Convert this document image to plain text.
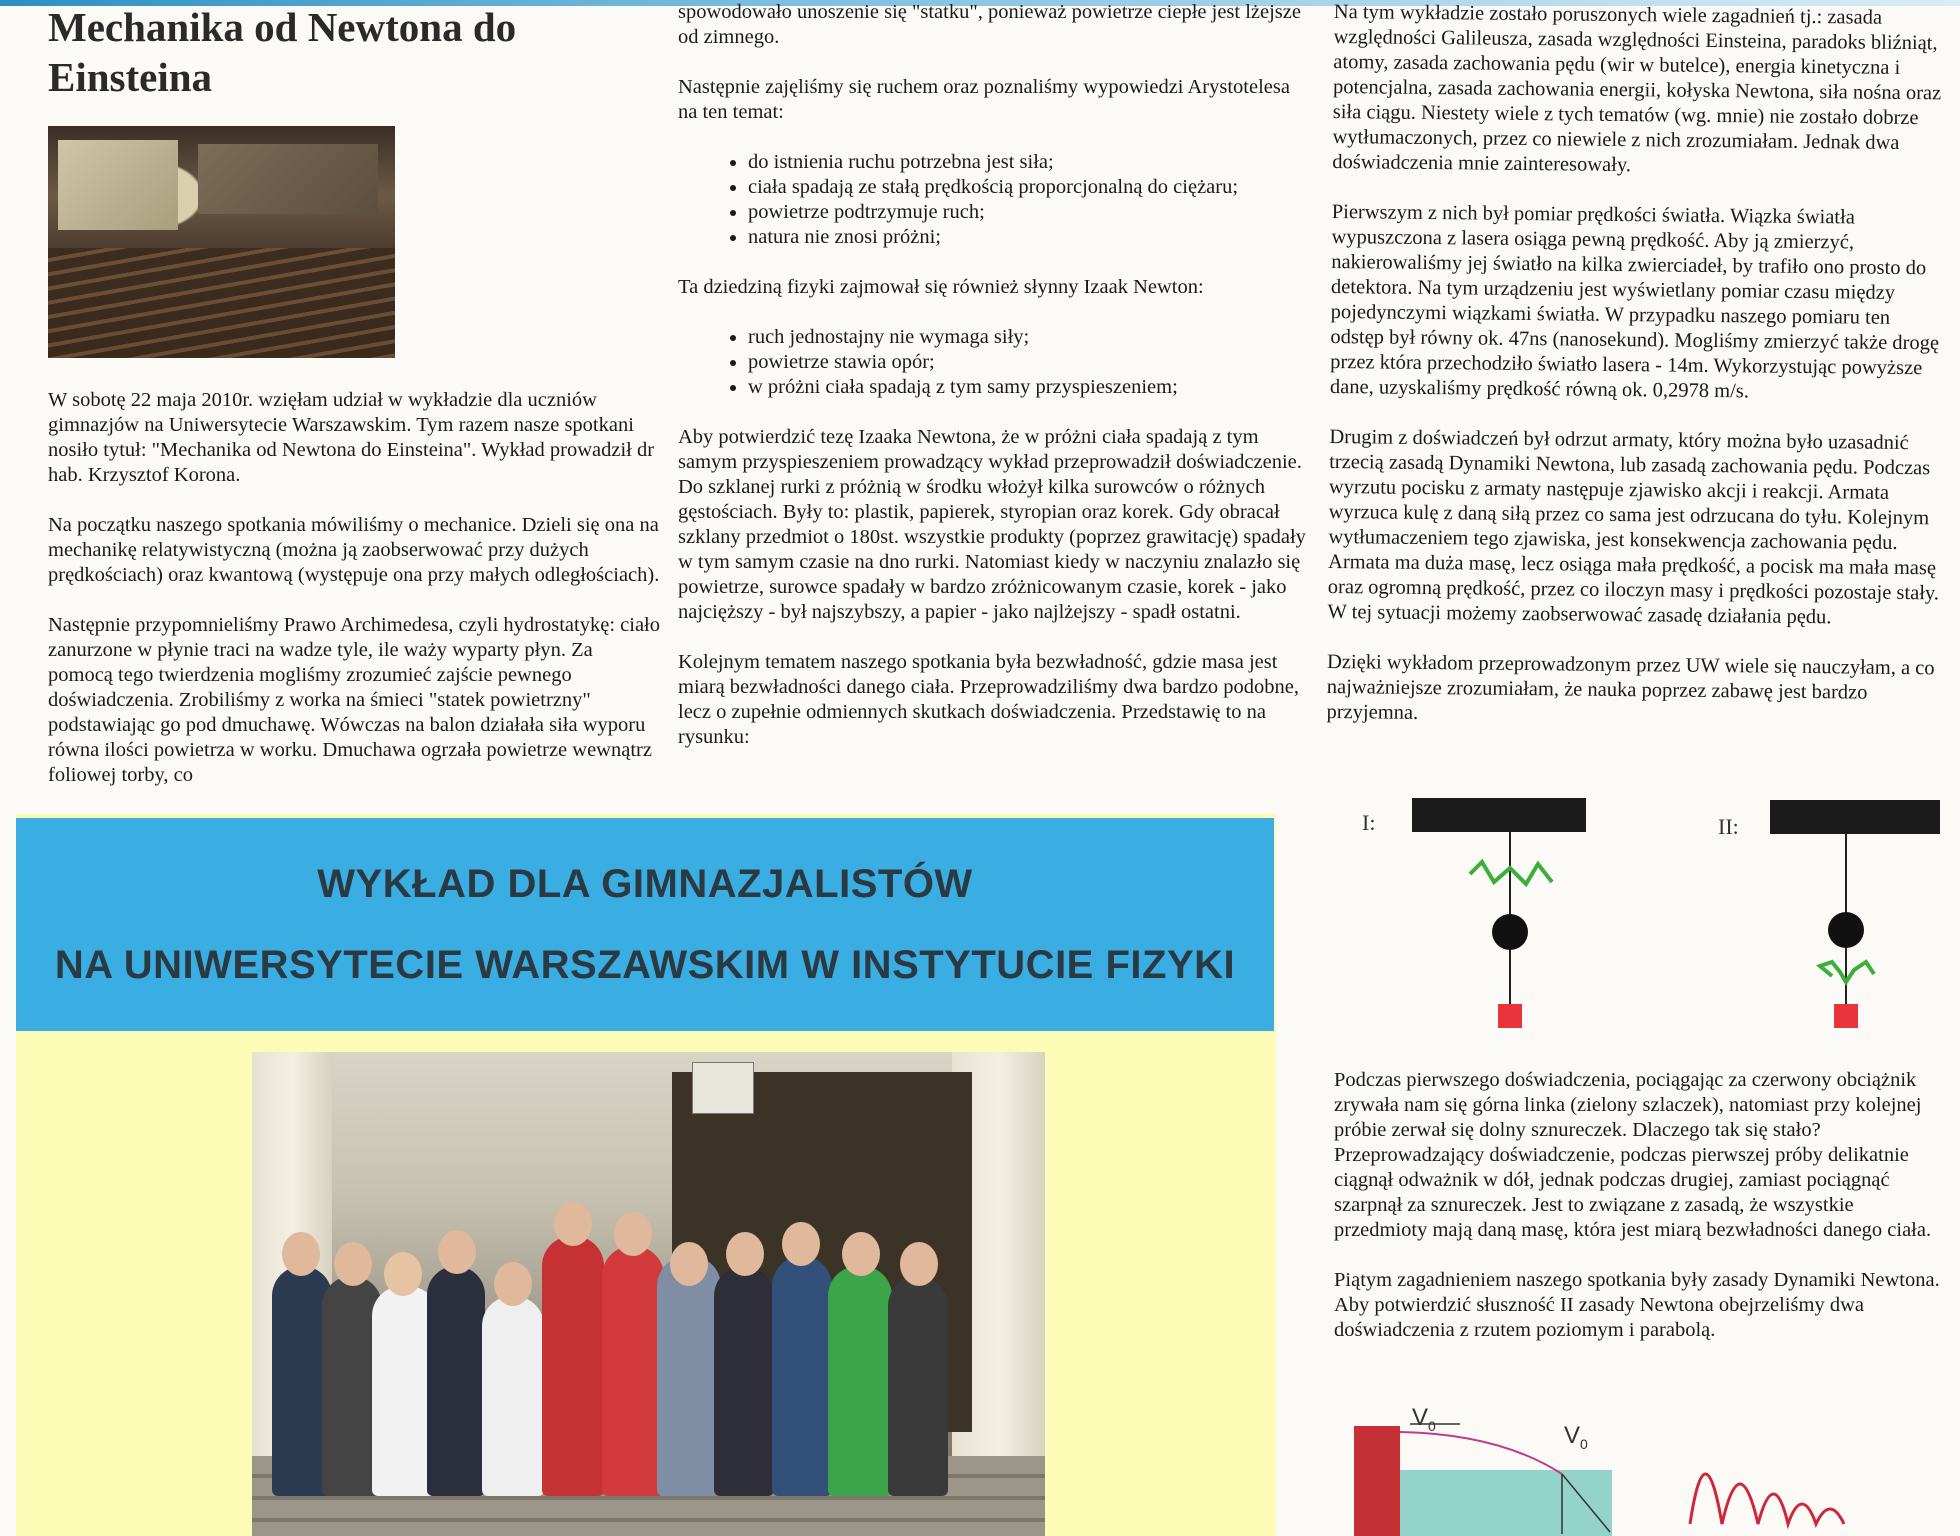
Mechanika od Newtona do Einsteina

W sobotę 22 maja 2010r. wzięłam udział w wykładzie dla uczniów gimnazjów na Uniwersytecie Warszawskim. Tym razem nasze spotkani nosiło tytuł: "Mechanika od Newtona do Einsteina". Wykład prowadził dr hab. Krzysztof Korona.

Na początku naszego spotkania mówiliśmy o mechanice. Dzieli się ona na mechanikę relatywistyczną (można ją zaobserwować przy dużych prędkościach) oraz kwantową (występuje ona przy małych odległościach).

Następnie przypomnieliśmy Prawo Archimedesa, czyli hydrostatykę: ciało zanurzone w płynie traci na wadze tyle, ile waży wyparty płyn. Za pomocą tego twierdzenia mogliśmy zrozumieć zajście pewnego doświadczenia. Zrobiliśmy z worka na śmieci "statek powietrzny" podstawiając go pod dmuchawę. Wówczas na balon działała siła wyporu równa ilości powietrza w worku. Dmuchawa ogrzała powietrze wewnątrz foliowej torby, co

spowodowało unoszenie się "statku", ponieważ powietrze ciepłe jest lżejsze od zimnego.

Następnie zajęliśmy się ruchem oraz poznaliśmy wypowiedzi Arystotelesa na ten temat:

• do istnienia ruchu potrzebna jest siła;
• ciała spadają ze stałą prędkością proporcjonalną do ciężaru;
• powietrze podtrzymuje ruch;
• natura nie znosi próżni;

Ta dziedziną fizyki zajmował się również słynny Izaak Newton:

• ruch jednostajny nie wymaga siły;
• powietrze stawia opór;
• w próżni ciała spadają z tym samy przyspieszeniem;

Aby potwierdzić tezę Izaaka Newtona, że w próżni ciała spadają z tym samym przyspieszeniem prowadzący wykład przeprowadził doświadczenie. Do szklanej rurki z próżnią w środku włożył kilka surowców o różnych gęstościach. Były to: plastik, papierek, styropian oraz korek. Gdy obracał szklany przedmiot o 180st. wszystkie produkty (poprzez grawitację) spadały w tym samym czasie na dno rurki. Natomiast kiedy w naczyniu znalazło się powietrze, surowce spadały w bardzo zróżnicowanym czasie, korek - jako najcięższy - był najszybszy, a papier - jako najlżejszy - spadł ostatni.

Kolejnym tematem naszego spotkania była bezwładność, gdzie masa jest miarą bezwładności danego ciała. Przeprowadziliśmy dwa bardzo podobne, lecz o zupełnie odmiennych skutkach doświadczenia. Przedstawię to na rysunku:

Na tym wykładzie zostało poruszonych wiele zagadnień tj.: zasada względności Galileusza, zasada względności Einsteina, paradoks bliźniąt, atomy, zasada zachowania pędu (wir w butelce), energia kinetyczna i potencjalna, zasada zachowania energii, kołyska Newtona, siła nośna oraz siła ciągu. Niestety wiele z tych tematów (wg. mnie) nie zostało dobrze wytłumaczonych, przez co niewiele z nich zrozumiałam. Jednak dwa doświadczenia mnie zainteresowały.

Pierwszym z nich był pomiar prędkości światła. Wiązka światła wypuszczona z lasera osiąga pewną prędkość. Aby ją zmierzyć, nakierowaliśmy jej światło na kilka zwierciadeł, by trafiło ono prosto do detektora. Na tym urządzeniu jest wyświetlany pomiar czasu między pojedynczymi wiązkami światła. W przypadku naszego pomiaru ten odstęp był równy ok. 47ns (nanosekund). Mogliśmy zmierzyć także drogę przez która przechodziło światło lasera - 14m. Wykorzystując powyższe dane, uzyskaliśmy prędkość równą ok. 0,2978 m/s.

Drugim z doświadczeń był odrzut armaty, który można było uzasadnić trzecią zasadą Dynamiki Newtona, lub zasadą zachowania pędu. Podczas wyrzutu pocisku z armaty następuje zjawisko akcji i reakcji. Armata wyrzuca kulę z daną siłą przez co sama jest odrzucana do tyłu. Kolejnym wytłumaczeniem tego zjawiska, jest konsekwencja zachowania pędu. Armata ma duża masę, lecz osiąga mała prędkość, a pocisk ma mała masę oraz ogromną prędkość, przez co iloczyn masy i prędkości pozostaje stały. W tej sytuacji możemy zaobserwować zasadę działania pędu.

Dzięki wykładom przeprowadzonym przez UW wiele się nauczyłam, a co najważniejsze zrozumiałam, że nauka poprzez zabawę jest bardzo przyjemna.

I:	II:

Podczas pierwszego doświadczenia, pociągając za czerwony obciążnik zrywała nam się górna linka (zielony szlaczek), natomiast przy kolejnej próbie zerwał się dolny sznureczek. Dlaczego tak się stało? Przeprowadzający doświadczenie, podczas pierwszej próby delikatnie ciągnął odważnik w dół, jednak podczas drugiej, zamiast pociągnąć szarpnął za sznureczek. Jest to związane z zasadą, że wszystkie przedmioty mają daną masę, która jest miarą bezwładności danego ciała.

Piątym zagadnieniem naszego spotkania były zasady Dynamiki Newtona. Aby potwierdzić słuszność II zasady Newtona obejrzeliśmy dwa doświadczenia z rzutem poziomym i parabolą.

$V_0$	$V_0$
WYKŁAD DLA GIMNAZJALISTÓW
NA UNIWERSYTECIE WARSZAWSKIM W INSTYTUCIE FIZYKI
